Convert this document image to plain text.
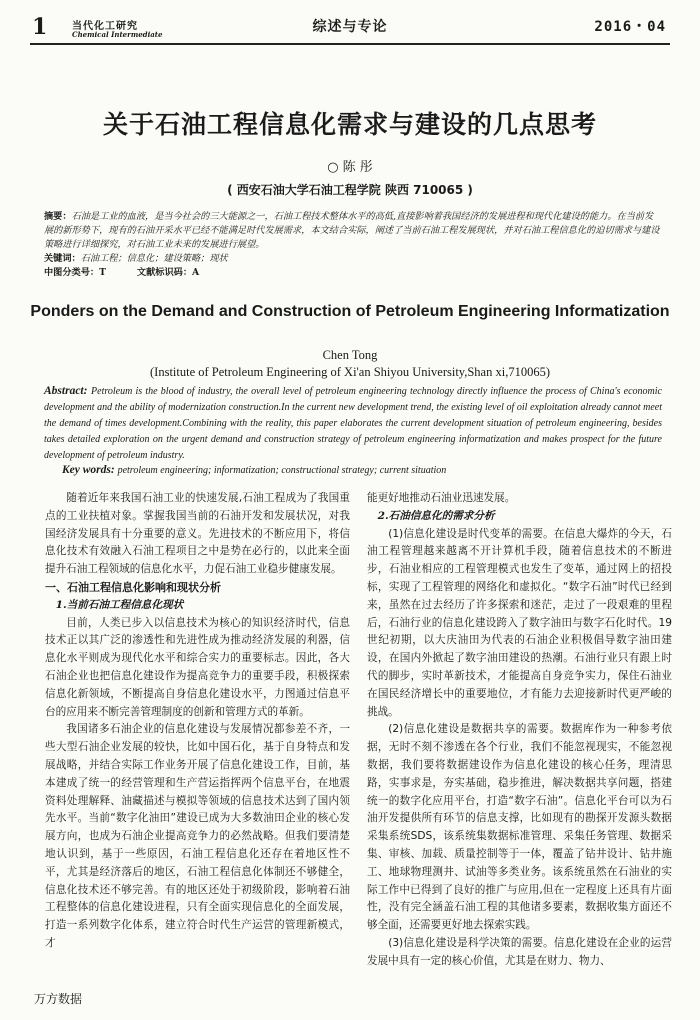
1 当代化工研究
Chemical Intermediate	综述与专论	2016・04
关于石油工程信息化需求与建设的几点思考
○ 陈 彤
( 西安石油大学石油工程学院 陕西 710065 )
摘要：石油是工业的血液，是当今社会的三大能源之一，石油工程技术整体水平的高低,直接影响着我国经济的发展进程和现代化建设的能力。在当前发展的新形势下，现有的石油开采水平已经不能满足时代发展需求，本文结合实际，阐述了当前石油工程发展现状，并对石油工程信息化的迫切需求与建设策略进行详细探究，对石油工业未来的发展进行展望。
关键词：石油工程；信息化；建设策略；现状
中图分类号：T	文献标识码：A
Ponders on the Demand and Construction of Petroleum Engineering Informatization
Chen Tong
(Institute of Petroleum Engineering of Xi'an Shiyou University,Shan xi,710065)
Abstract: Petroleum is the blood of industry, the overall level of petroleum engineering technology directly influence the process of China's economic development and the ability of modernization construction.In the current new development trend, the existing level of oil exploitation already cannot meet the demand of times development.Combining with the reality, this paper elaborates the current development situation of petroleum engineering, besides takes detailed exploration on the urgent demand and construction strategy of petroleum engineering informatization and makes prospect for the future development of petroleum industry.
Key words: petroleum engineering; informatization; constructional strategy; current situation

随着近年来我国石油工业的快速发展,石油工程成为了我国重点的工业扶植对象。掌握我国当前的石油开发和发展状况，对我国经济发展具有十分重要的意义。先进技术的不断应用下，将信息化技术有效融入石油工程项目之中是势在必行的，以此来全面提升石油工程领域的信息化水平，力促石油工业稳步健康发展。

一、石油工程信息化影响和现状分析

1.当前石油工程信息化现状

目前，人类已步入以信息技术为核心的知识经济时代，信息技术正以其广泛的渗透性和先进性成为推动经济发展的利器，信息化水平则成为现代化水平和综合实力的重要标志。因此，各大石油企业也把信息化建设作为提高竞争力的重要手段，积极探索信息化新领域，不断提高自身信息化建设水平，力图通过信息平台的应用来不断完善管理制度的创新和管理方式的革新。

我国诸多石油企业的信息化建设与发展情况都参差不齐，一些大型石油企业发展的较快，比如中国石化，基于自身特点和发展战略，并结合实际工作业务开展了信息化建设工作，目前，基本建成了统一的经营管理和生产营运指挥两个信息平台，在地震资料处理解释、油藏描述与模拟等领域的信息技术达到了国内领先水平。当前“数字化油田”建设已成为大多数油田企业的核心发展方向，也成为石油企业提高竞争力的必然战略。但我们要清楚地认识到，基于一些原因，石油工程信息化还存在着地区性不平，尤其是经济落后的地区，石油工程信息化体制还不够健全，信息化技术还不够完善。有的地区还处于初级阶段，影响着石油工程整体的信息化建设进程，只有全面实现信息化的全面发展，打造一系列数字化体系，建立符合时代生产运营的管理新模式，才

能更好地推动石油业迅速发展。

2.石油信息化的需求分析

(1)信息化建设是时代变革的需要。在信息大爆炸的今天，石油工程管理越来越离不开计算机手段，随着信息技术的不断进步，石油业相应的工程管理模式也发生了变革，通过网上的招投标，实现了工程管理的网络化和虚拟化。“数字石油”时代已经到来，虽然在过去经历了许多探索和迷茫，走过了一段艰难的里程后，石油行业的信息化建设跨入了数字油田与数字石化时代。19世纪初期，以大庆油田为代表的石油企业积极倡导数字油田建设，在国内外掀起了数字油田建设的热潮。石油行业只有跟上时代的脚步，实时革新技术，才能提高自身竞争实力，保住石油业在国民经济增长中的重要地位，才有能力去迎接新时代更严峻的挑战。

(2)信息化建设是数据共享的需要。数据库作为一种参考依据，无时不刻不渗透在各个行业，我们不能忽视现实，不能忽视数据，我们要将数据建设作为信息化建设的核心任务，理清思路，实事求是，夯实基础，稳步推进，解决数据共享问题，搭建统一的数字化应用平台，打造“数字石油”。信息化平台可以为石油开发提供所有环节的信息支撑，比如现有的勘探开发源头数据采集系统SDS，该系统集数据标准管理、采集任务管理、数据采集、审核、加载、质量控制等于一体，覆盖了钻井设计、钻井施工、地球物理测井、试油等多类业务。该系统虽然在石油业的实际工作中已得到了良好的推广与应用,但在一定程度上还具有片面性，没有完全涵盖石油工程的其他诸多要素，数据收集方面还不够全面，还需要更好地去探索实践。

(3)信息化建设是科学决策的需要。信息化建设在企业的运营发展中具有一定的核心价值，尤其是在财力、物力、

万方数据
